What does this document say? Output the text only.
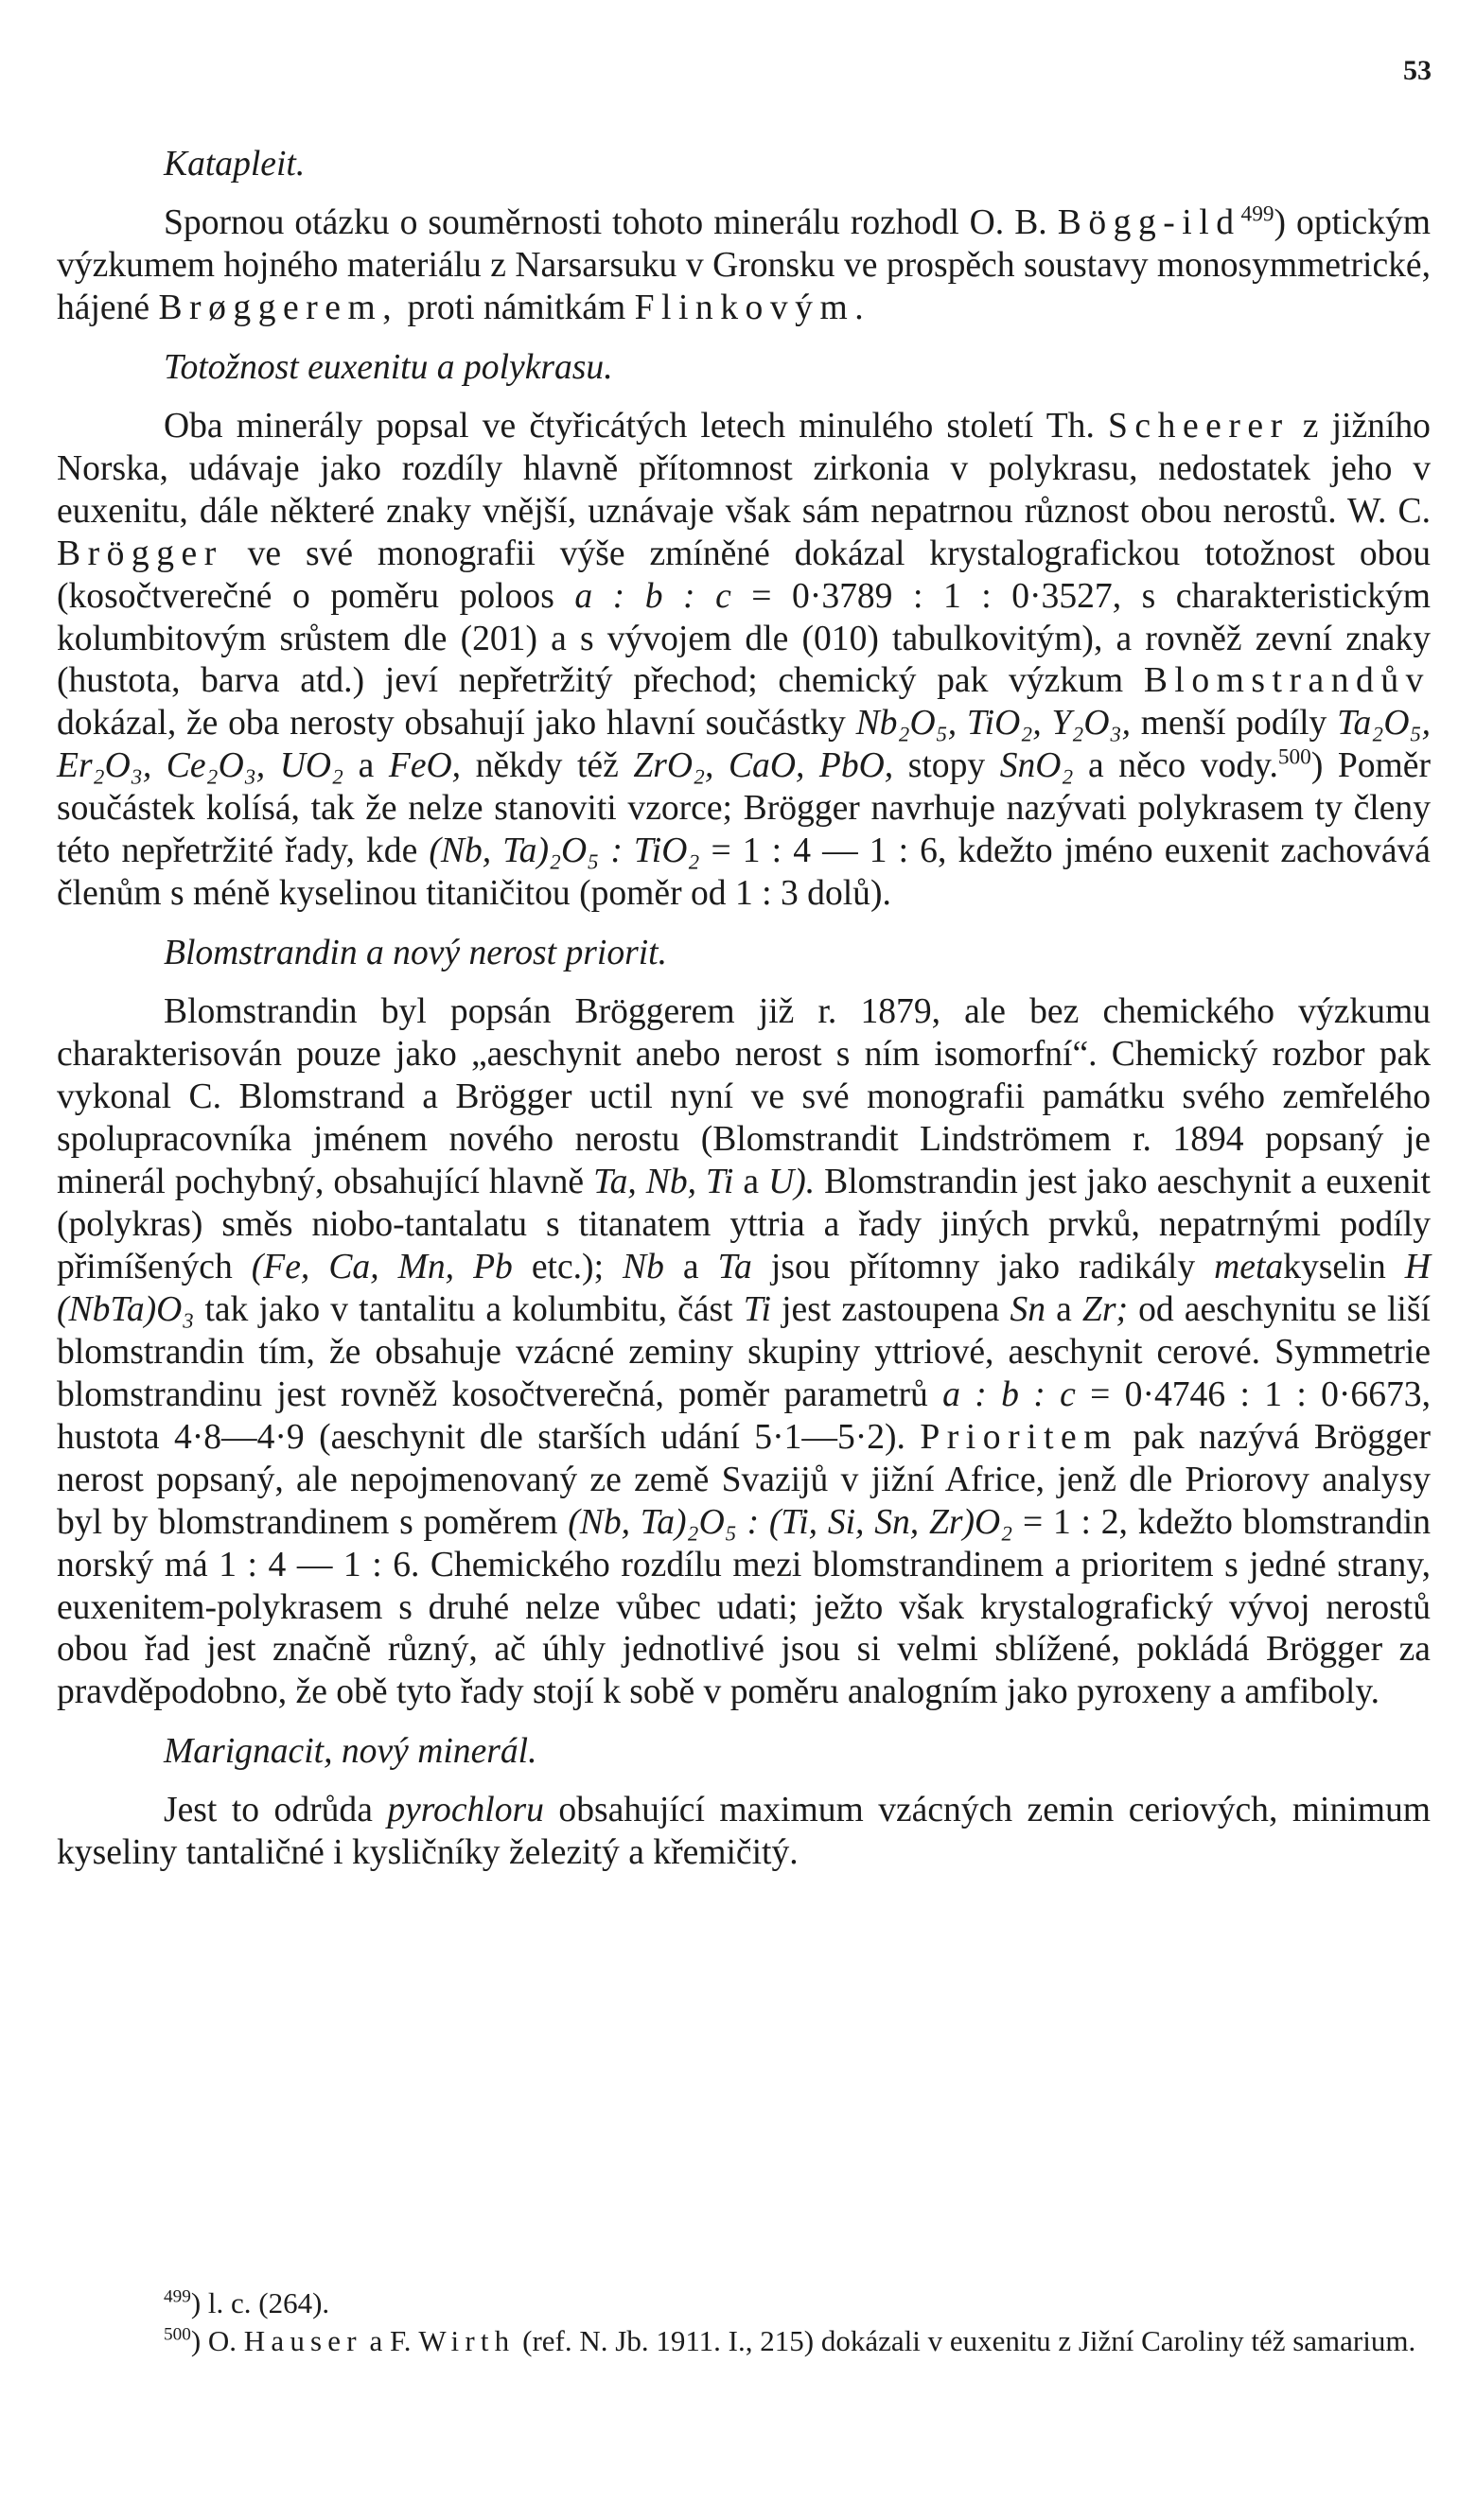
53
Katapleit.

Spornou otázku o souměrnosti tohoto minerálu rozhodl O. B. Bögg-ild$^{499}$) optickým výzkumem hojného materiálu z Narsarsuku v Gronsku ve prospěch soustavy monosymmetrické, hájené Brøggerem, proti námitkám Flinkovým.

Totožnost euxenitu a polykrasu.

Oba minerály popsal ve čtyřicátých letech minulého století Th. Scheerer z jižního Norska, udávaje jako rozdíly hlavně přítomnost zirkonia v polykrasu, nedostatek jeho v euxenitu, dále některé znaky vnější, uznávaje však sám nepatrnou různost obou nerostů. W. C. Brögger ve své monografii výše zmíněné dokázal krystalografickou totožnost obou (kosočtverečné o poměru poloos a : b : c = 0·3789 : 1 : 0·3527, s charakteristickým kolumbitovým srůstem dle (201) a s vývojem dle (010) tabulkovitým), a rovněž zevní znaky (hustota, barva atd.) jeví nepřetržitý přechod; chemický pak výzkum Blomstrandův dokázal, že oba nerosty obsahují jako hlavní součástky Nb₂O₅, TiO₂, Y₂O₃, menší podíly Ta₂O₅, Er₂O₃, Ce₂O₃, UO₂ a FeO, někdy též ZrO₂, CaO, PbO, stopy SnO₂ a něco vody.$^{500}$) Poměr součástek kolísá, tak že nelze stanoviti vzorce; Brögger navrhuje nazývati polykrasem ty členy této nepřetržité řady, kde (Nb, Ta)₂O₅ : TiO₂ = 1 : 4 — 1 : 6, kdežto jméno euxenit zachovává členům s méně kyselinou titaničitou (poměr od 1 : 3 dolů).

Blomstrandin a nový nerost priorit.

Blomstrandin byl popsán Bröggerem již r. 1879, ale bez chemického výzkumu charakterisován pouze jako „aeschynit anebo nerost s ním isomorfní“. Chemický rozbor pak vykonal C. Blomstrand a Brögger uctil nyní ve své monografii památku svého zemřelého spolupracovníka jménem nového nerostu (Blomstrandit Lindströmem r. 1894 popsaný je minerál pochybný, obsahující hlavně Ta, Nb, Ti a U). Blomstrandin jest jako aeschynit a euxenit (polykras) směs niobo-tantalatu s titanatem yttria a řady jiných prvků, nepatrnými podíly přimíšených (Fe, Ca, Mn, Pb etc.); Nb a Ta jsou přítomny jako radikály metakyselin H (NbTa)O₃ tak jako v tantalitu a kolumbitu, část Ti jest zastoupena Sn a Zr; od aeschynitu se liší blomstrandin tím, že obsahuje vzácné zeminy skupiny yttriové, aeschynit cerové. Symmetrie blomstrandinu jest rovněž kosočtverečná, poměr parametrů a : b : c = 0·4746 : 1 : 0·6673, hustota 4·8—4·9 (aeschynit dle starších udání 5·1—5·2). Prioritem pak nazývá Brögger nerost popsaný, ale nepojmenovaný ze země Svazijů v jižní Africe, jenž dle Priorovy analysy byl by blomstrandinem s poměrem (Nb, Ta)₂O₅ : (Ti, Si, Sn, Zr)O₂ = 1 : 2, kdežto blomstrandin norský má 1 : 4 — 1 : 6. Chemického rozdílu mezi blomstrandinem a prioritem s jedné strany, euxenitem-polykrasem s druhé nelze vůbec udati; ježto však krystalografický vývoj nerostů obou řad jest značně různý, ač úhly jednotlivé jsou si velmi sblížené, pokládá Brögger za pravděpodobno, že obě tyto řady stojí k sobě v poměru analogním jako pyroxeny a amfiboly.

Marignacit, nový minerál.

Jest to odrůda pyrochloru obsahující maximum vzácných zemin ceriových, minimum kyseliny tantaličné i kysličníky železitý a křemičitý.

$^{499}$) l. c. (264).

$^{500}$) O. Hauser a F. Wirth (ref. N. Jb. 1911. I., 215) dokázali v euxenitu z Jižní Caroliny též samarium.
